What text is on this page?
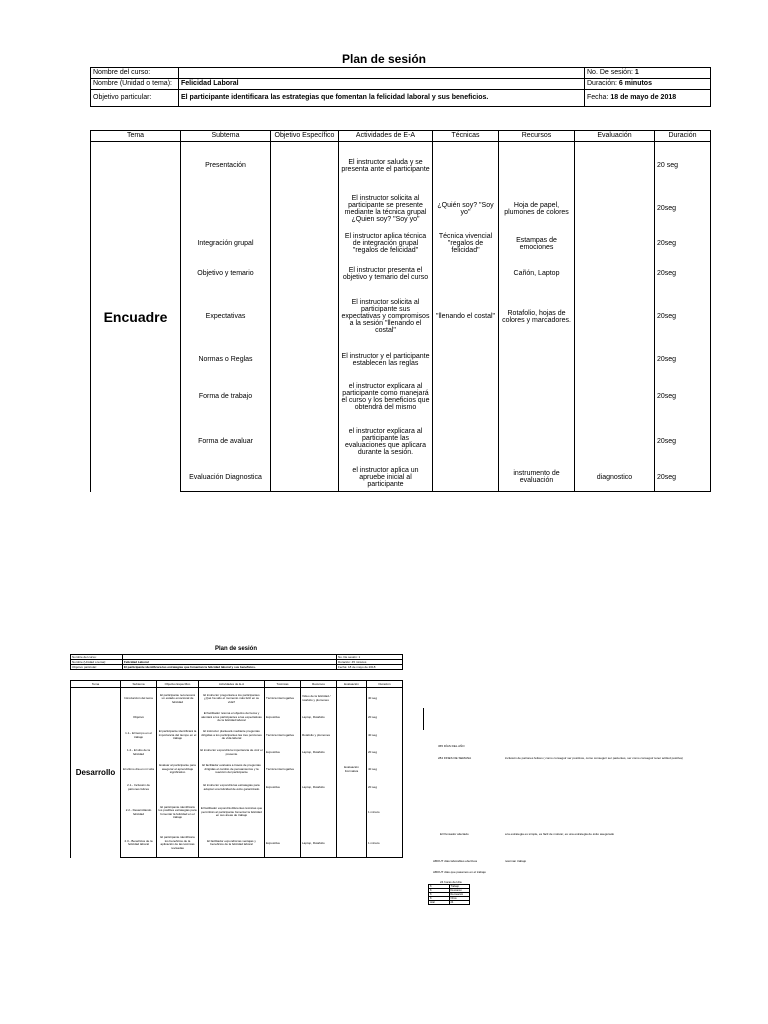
Plan de sesión
Nombre del curso:		No. De sesión: 1
Nombre (Unidad o tema):	Felicidad Laboral	Duración: 6 minutos
Objetivo particular:	El participante identificara las estrategias que fomentan la felicidad laboral y sus beneficios.	Fecha: 18 de mayo de 2018
Tema	Subtema	Objetivo Específico	Actividades de E-A	Técnicas	Recursos	Evaluación	Duración
Encuadre	Presentación		El instructor saluda y se presenta ante el participante				20 seg
			El instructor solicita al participante se presente mediante la técnica grupal ¿Quien soy? "Soy yo"	¿Quién soy? "Soy yo"	Hoja de papel, plumones de colores		20seg
	Integración grupal		El instructor aplica técnica de integración grupal "regalos de felicidad"	Técnica vivencial "regalos de felicidad"	Estampas de emociones		20seg
	Objetivo y temario		El instructor presenta el objetivo y temario del curso		Cañón, Laptop		20seg
	Expectativas		El instructor solicita al participante sus expectativas y compromisos a la sesión "llenando el costal"	"llenando el costal"	Rotafolio, hojas de colores y marcadores.		20seg
	Normas o Reglas		El instructor y el participante establecen las reglas				20seg
	Forma de trabajo		el instructor explicara al participante como manejará el curso y los beneficios que obtendrá del mismo				20seg
	Forma de avaluar		el instructor explicara al participante las evaluaciones que aplicara durante la sesión.				20seg
	Evaluación Diagnostica		el instructor aplica un apruebe inicial al participante		instrumento de evaluación	diagnostico	20seg
Plan de sesión
Nombre del curso:		No. De sesión: 1
Nombre (Unidad o tema):	Felicidad Laboral	Duración: 45 minutos
Objetivo particular:	El participante identificara las estrategias que fomentan la felicidad laboral y sus beneficios.	Fecha: 18 de mayo de 2018
Tema	Subtema	Objetivo Específico	Actividades de E-A	Técnicas	Recursos	Evaluación	Duración
Desarrollo	Introducción del tema	El participante reconocerá un estado emocional de felicidad	El instructor preguntara a los participantes ¿Qué ha sido el momento más feliz en su vida?	Técnica interrogativa	Video de la felicidad / rotafolio y plumones		40 seg
	Objetivo		El facilitador retoma el objetivo del tema y alentará a los participantes a las expectativas de la felicidad laboral	Expositiva	Laptop, Rotafolio		20 seg
	1.1.- El tiempo en el trabajo	El participante identificará la importancia del tiempo en el trabajo	El instructor planteará mediante preguntas dirigidas a los participantes las tres porciones de vida laboral	Técnica interrogativa	Rotafolio y plumones		40 seg
	1.2.- El sitio de la felicidad		El instructor expondrá la importancia de vivir el presente	Expositiva	Laptop, Rotafolio		20 seg
	El ultimo día en mi vida	Evaluar al participante para asegurar el aprendizaje significativo	El facilitador evaluara a través de preguntas dirigidas el cambio de pensamientos y la reacción del participante	Técnica interrogativa		Evaluación Formativa	40 seg
	2.1.- Inclusión de patrones felices		El instructor expondrá las estrategias para adoptar una felicidad de éxito garantizado	Expositiva	Laptop, Rotafolio		20 seg
	2.2.- Desarrollando felicidad	El participante identificará los posibles estrategias para fomentar la felicidad en el trabajo	El facilitador expondrá diferentes técnicas que permitirán al participante fomentar la felicidad en sus áreas de trabajo				1 minuto
	2.3.- Beneficios de la felicidad laboral	El participante identificara los beneficios de la aplicación de las técnicas revisadas	El facilitador expondrá las ventajas y beneficios de la felicidad laboral	Expositiva	Laptop, Rotafolio		1 minuto
365 DÍAS DEL AÑO
284 FINES DE SEMANA	inclusión de patrones felices ( como conseguir ser positivos, como conseguir ser pacientes, ser como conseguir tener actitud positiva)
El Pensador afectado	a la estrategia es simple, es fácil de motivar, es una estrategia de éxito asegurado
ABOUT días laborables efectivos	retornan trabajo
ABOUT días que pasamos en el trabajo
24 horas del día
8	Trabajo
8	Descanso
8	Recreación
8	Otros
total	24
